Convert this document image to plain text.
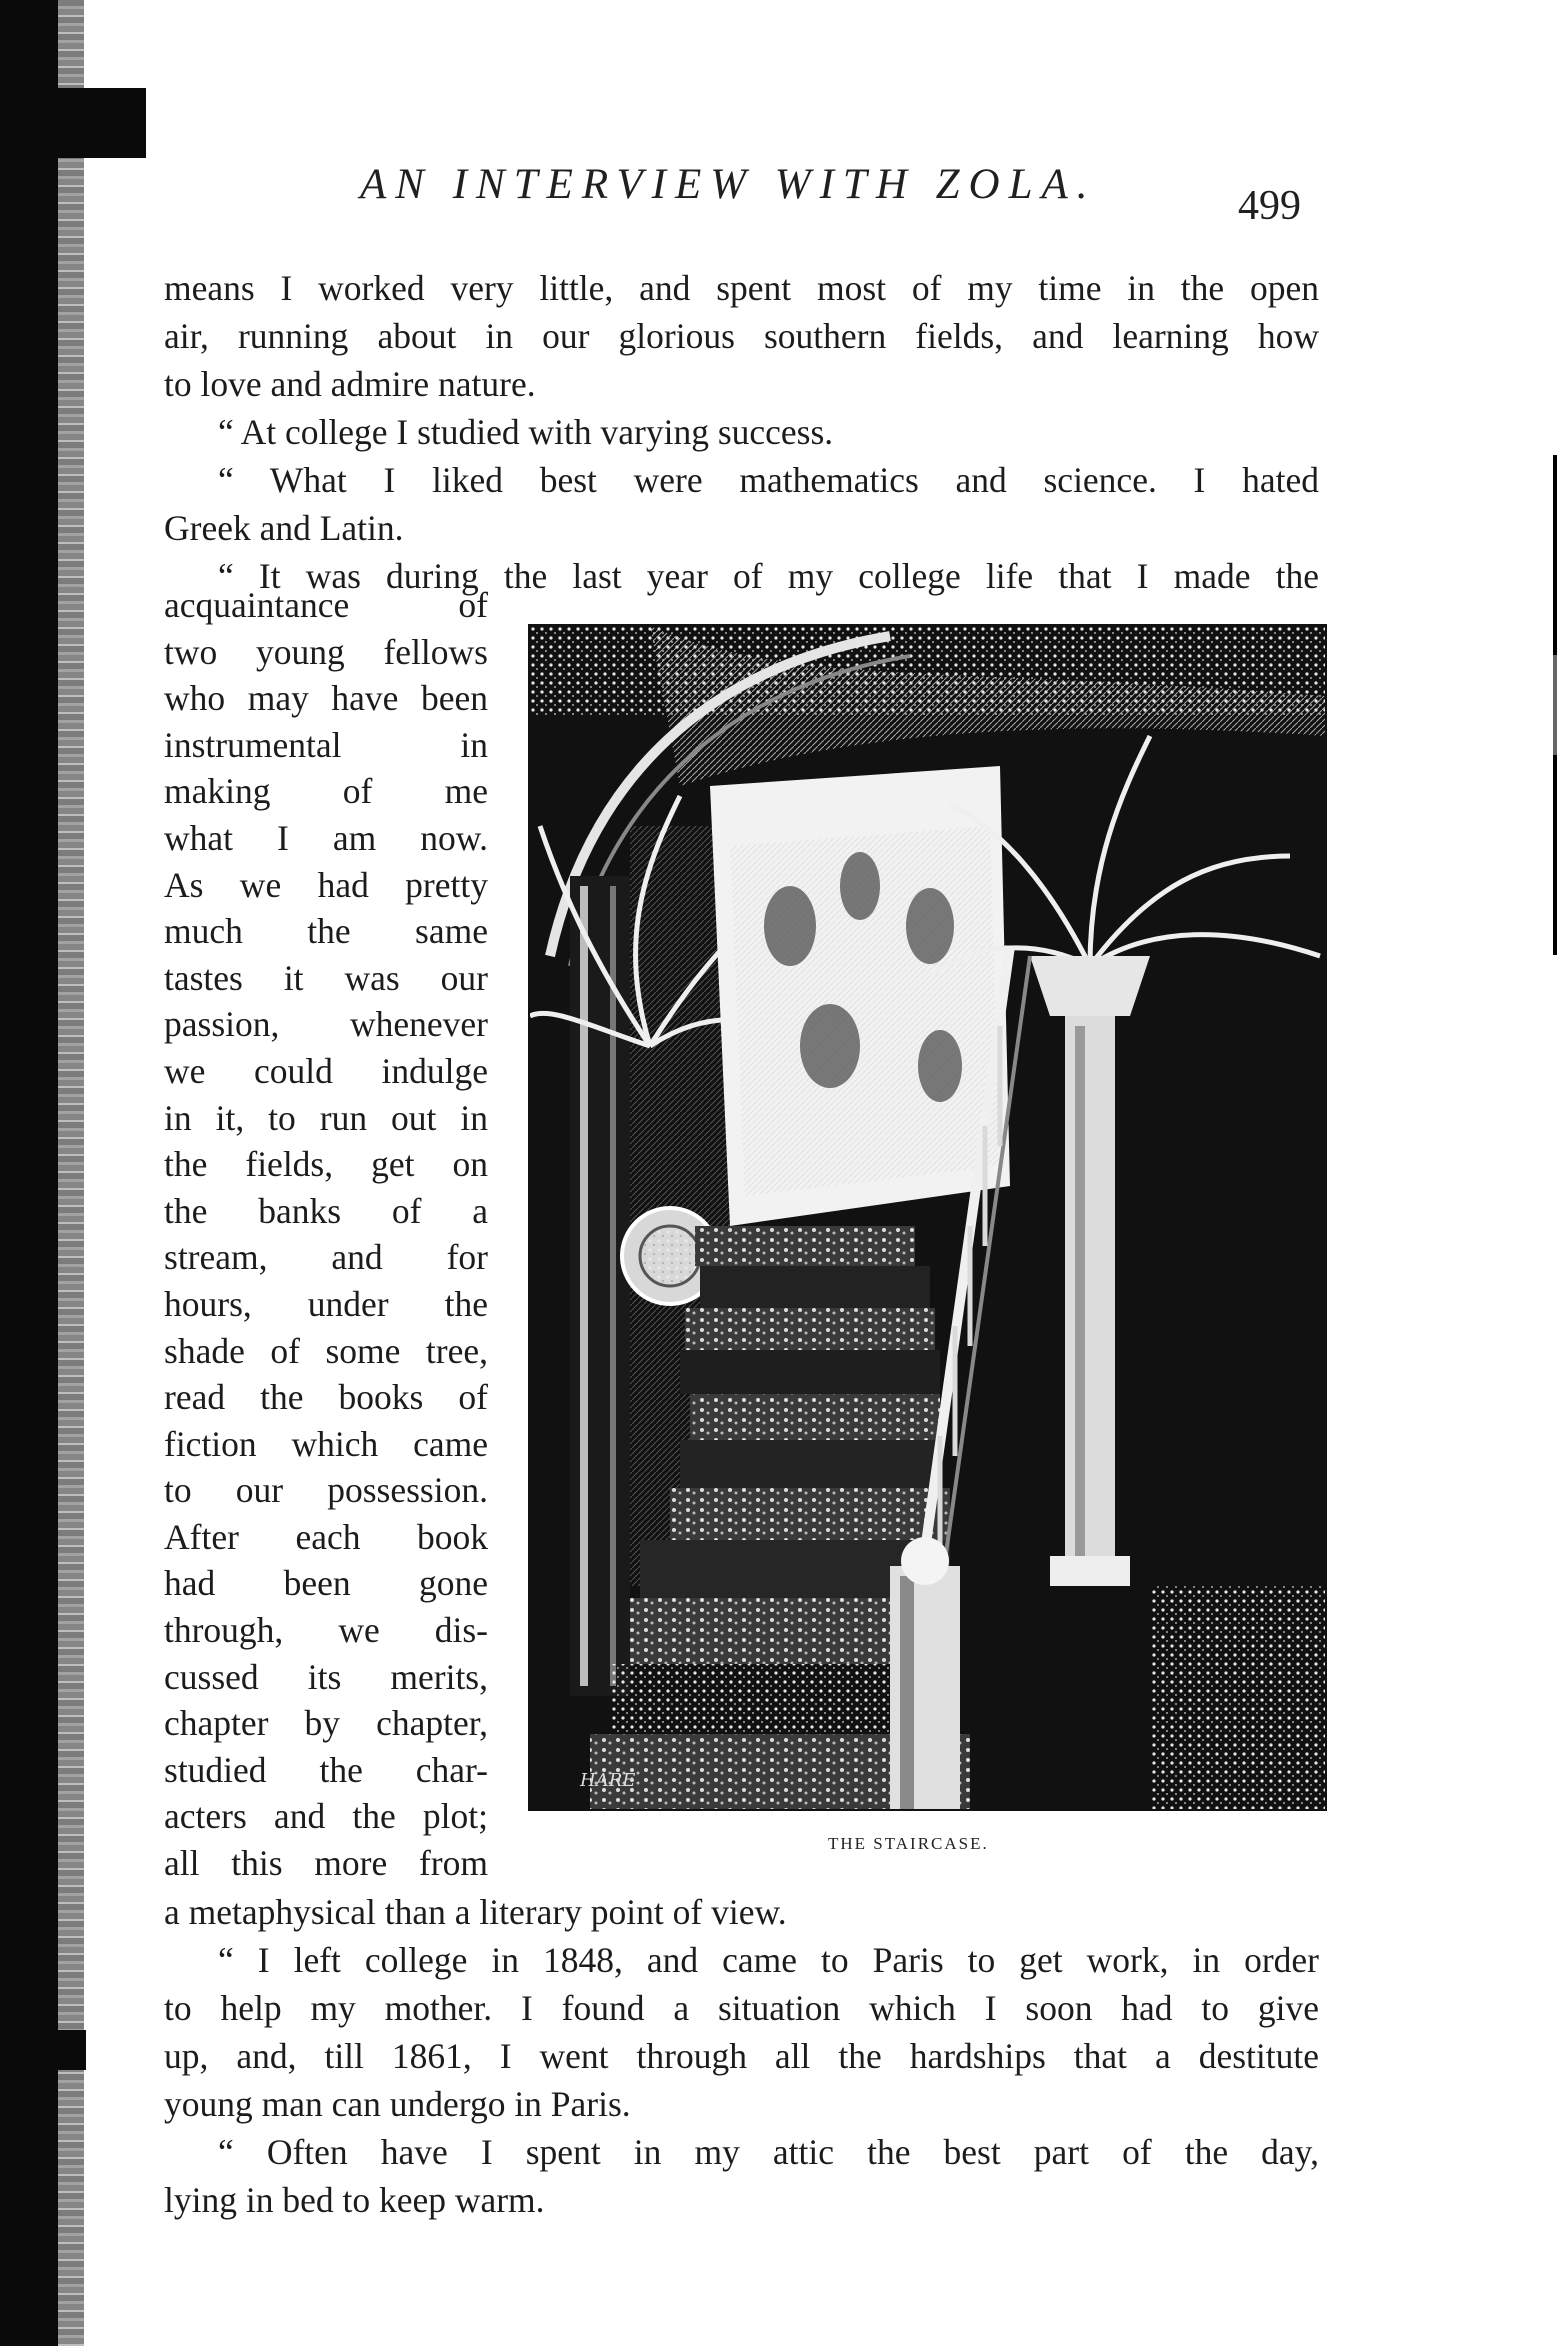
AN INTERVIEW WITH ZOLA.	499
means I worked very little, and spent most of my time in the open
air, running about in our glorious southern fields, and learning how
to love and admire nature.
“ At college I studied with varying success.
“ What I liked best were mathematics and science. I hated
Greek and Latin.
“ It was during the last year of my college life that I made the
acquaintance of
two young fellows
who may have been
instrumental in
making of me
what I am now.
As we had pretty
much the same
tastes it was our
passion, whenever
we could indulge
in it, to run out in
the fields, get on
the banks of a
stream, and for
hours, under the
shade of some tree,
read the books of
fiction which came
to our possession.
After each book
had been gone
through, we dis-
cussed its merits,
chapter by chapter,
studied the char-
acters and the plot;
all this more from
HARE
THE STAIRCASE.
a metaphysical than a literary point of view.
“ I left college in 1848, and came to Paris to get work, in order
to help my mother. I found a situation which I soon had to give
up, and, till 1861, I went through all the hardships that a destitute
young man can undergo in Paris.
“ Often have I spent in my attic the best part of the day,
lying in bed to keep warm.
